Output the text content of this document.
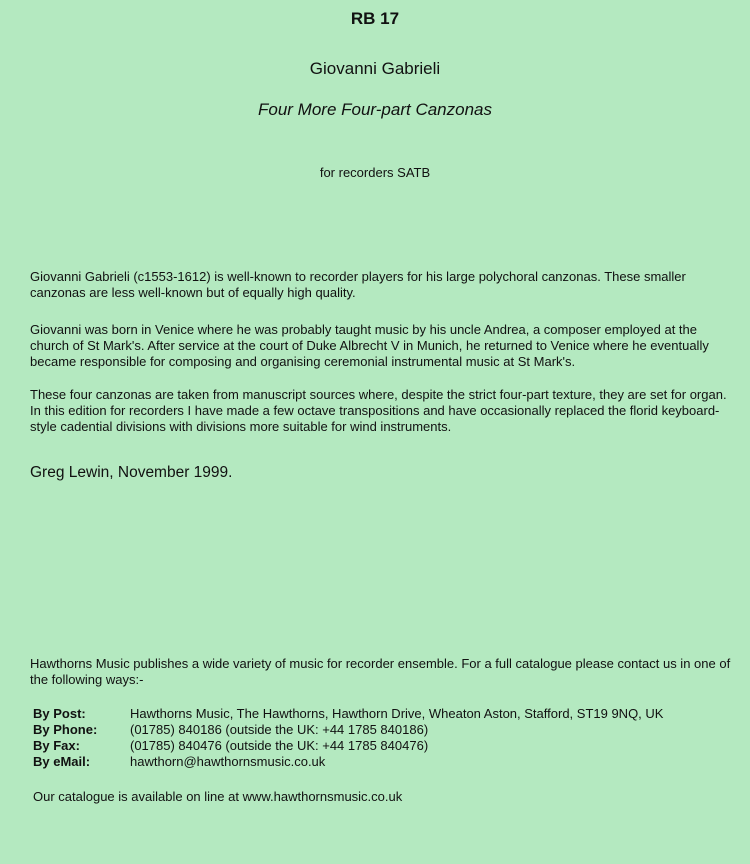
RB 17
Giovanni Gabrieli
Four More Four-part Canzonas
for recorders SATB

Giovanni Gabrieli (c1553-1612) is well-known to recorder players for his large polychoral canzonas. These smaller canzonas are less well-known but of equally high quality.

Giovanni was born in Venice where he was probably taught music by his uncle Andrea, a composer employed at the church of St Mark's. After service at the court of Duke Albrecht V in Munich, he returned to Venice where he eventually became responsible for composing and organising ceremonial instrumental music at St Mark's.

These four canzonas are taken from manuscript sources where, despite the strict four-part texture, they are set for organ. In this edition for recorders I have made a few octave transpositions and have occasionally replaced the florid keyboard-style cadential divisions with divisions more suitable for wind instruments.

Greg Lewin, November 1999.

Hawthorns Music publishes a wide variety of music for recorder ensemble. For a full catalogue please contact us in one of the following ways:-

By Post:	Hawthorns Music, The Hawthorns, Hawthorn Drive, Wheaton Aston, Stafford, ST19 9NQ, UK
By Phone:	(01785) 840186 (outside the UK: +44 1785 840186)
By Fax:	(01785) 840476 (outside the UK: +44 1785 840476)
By eMail:	hawthorn@hawthornsmusic.co.uk
Our catalogue is available on line at www.hawthornsmusic.co.uk
